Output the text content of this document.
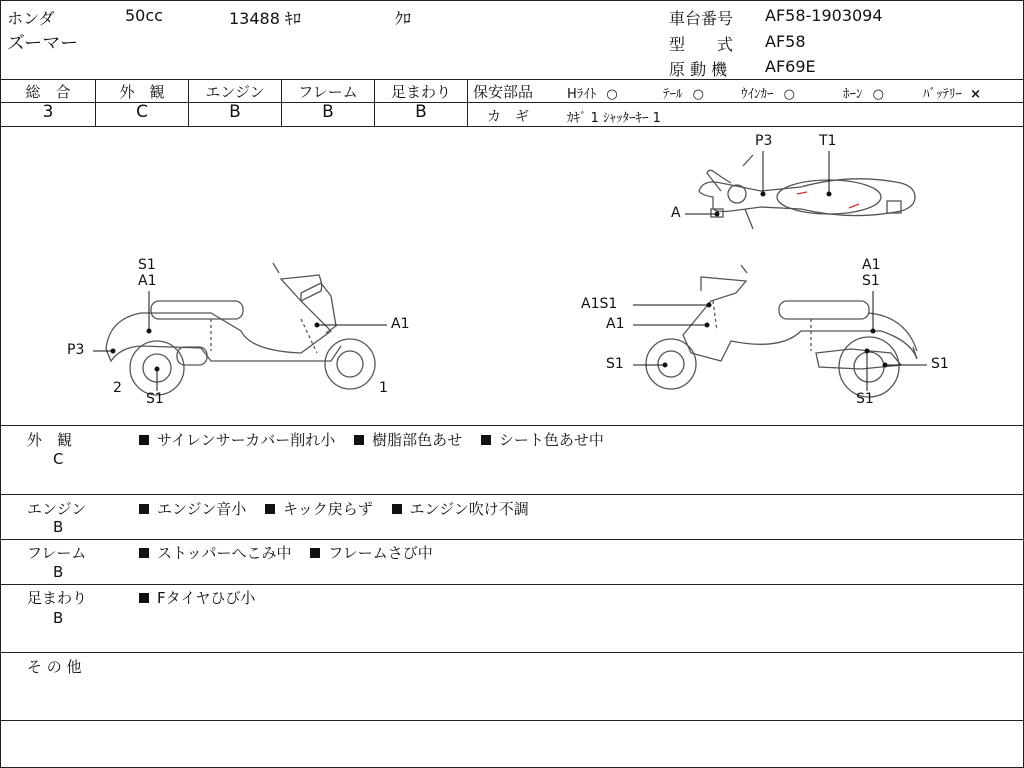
ホンダ	50cc	13488 ｷﾛ	ｸﾛ
ズーマー
車台番号 AF58-1903094
型　　式 AF58
原 動 機 AF69E
総　合	外　観	エンジン	フレーム	足まわり
3	C	B	B	B
保安部品	Hﾗｲﾄ ○	ﾃｰﾙ ○	ｳｲﾝｶｰ ○	ﾎｰﾝ ○	ﾊﾞｯﾃﾘｰ ×
カ　ギ	ｶｷﾞ 1 ｼｬｯﾀｰｷｰ 1
P3	T1
A
S1
A1
A1
P3
2
S1
1
A1S1
A1
S1
A1
S1
S1
S1
外　観
C
サイレンサーカバー削れ小 樹脂部色あせ シート色あせ中
エンジン
B
エンジン音小 キック戻らず エンジン吹け不調
フレーム
B
ストッパーへこみ中 フレームさび中
足まわり
B
Fタイヤひび小
そ の 他
